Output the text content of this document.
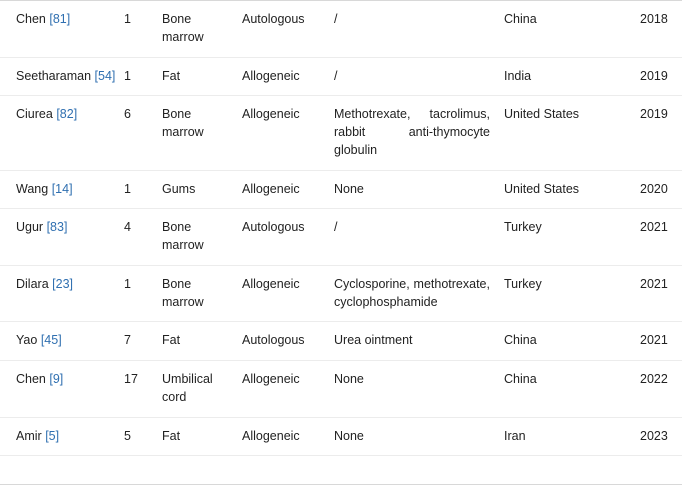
Chen [81]	1	Bone marrow	Autologous	/	China	2018
Seetharaman [54]	1	Fat	Allogeneic	/	India	2019
Ciurea [82]	6	Bone marrow	Allogeneic	Methotrexate, tacrolimus, rabbit anti-thymocyte globulin	United States	2019
Wang [14]	1	Gums	Allogeneic	None	United States	2020
Ugur [83]	4	Bone marrow	Autologous	/	Turkey	2021
Dilara [23]	1	Bone marrow	Allogeneic	Cyclosporine, methotrexate, cyclophosphamide	Turkey	2021
Yao [45]	7	Fat	Autologous	Urea ointment	China	2021
Chen [9]	17	Umbilical cord	Allogeneic	None	China	2022
Amir [5]	5	Fat	Allogeneic	None	Iran	2023
